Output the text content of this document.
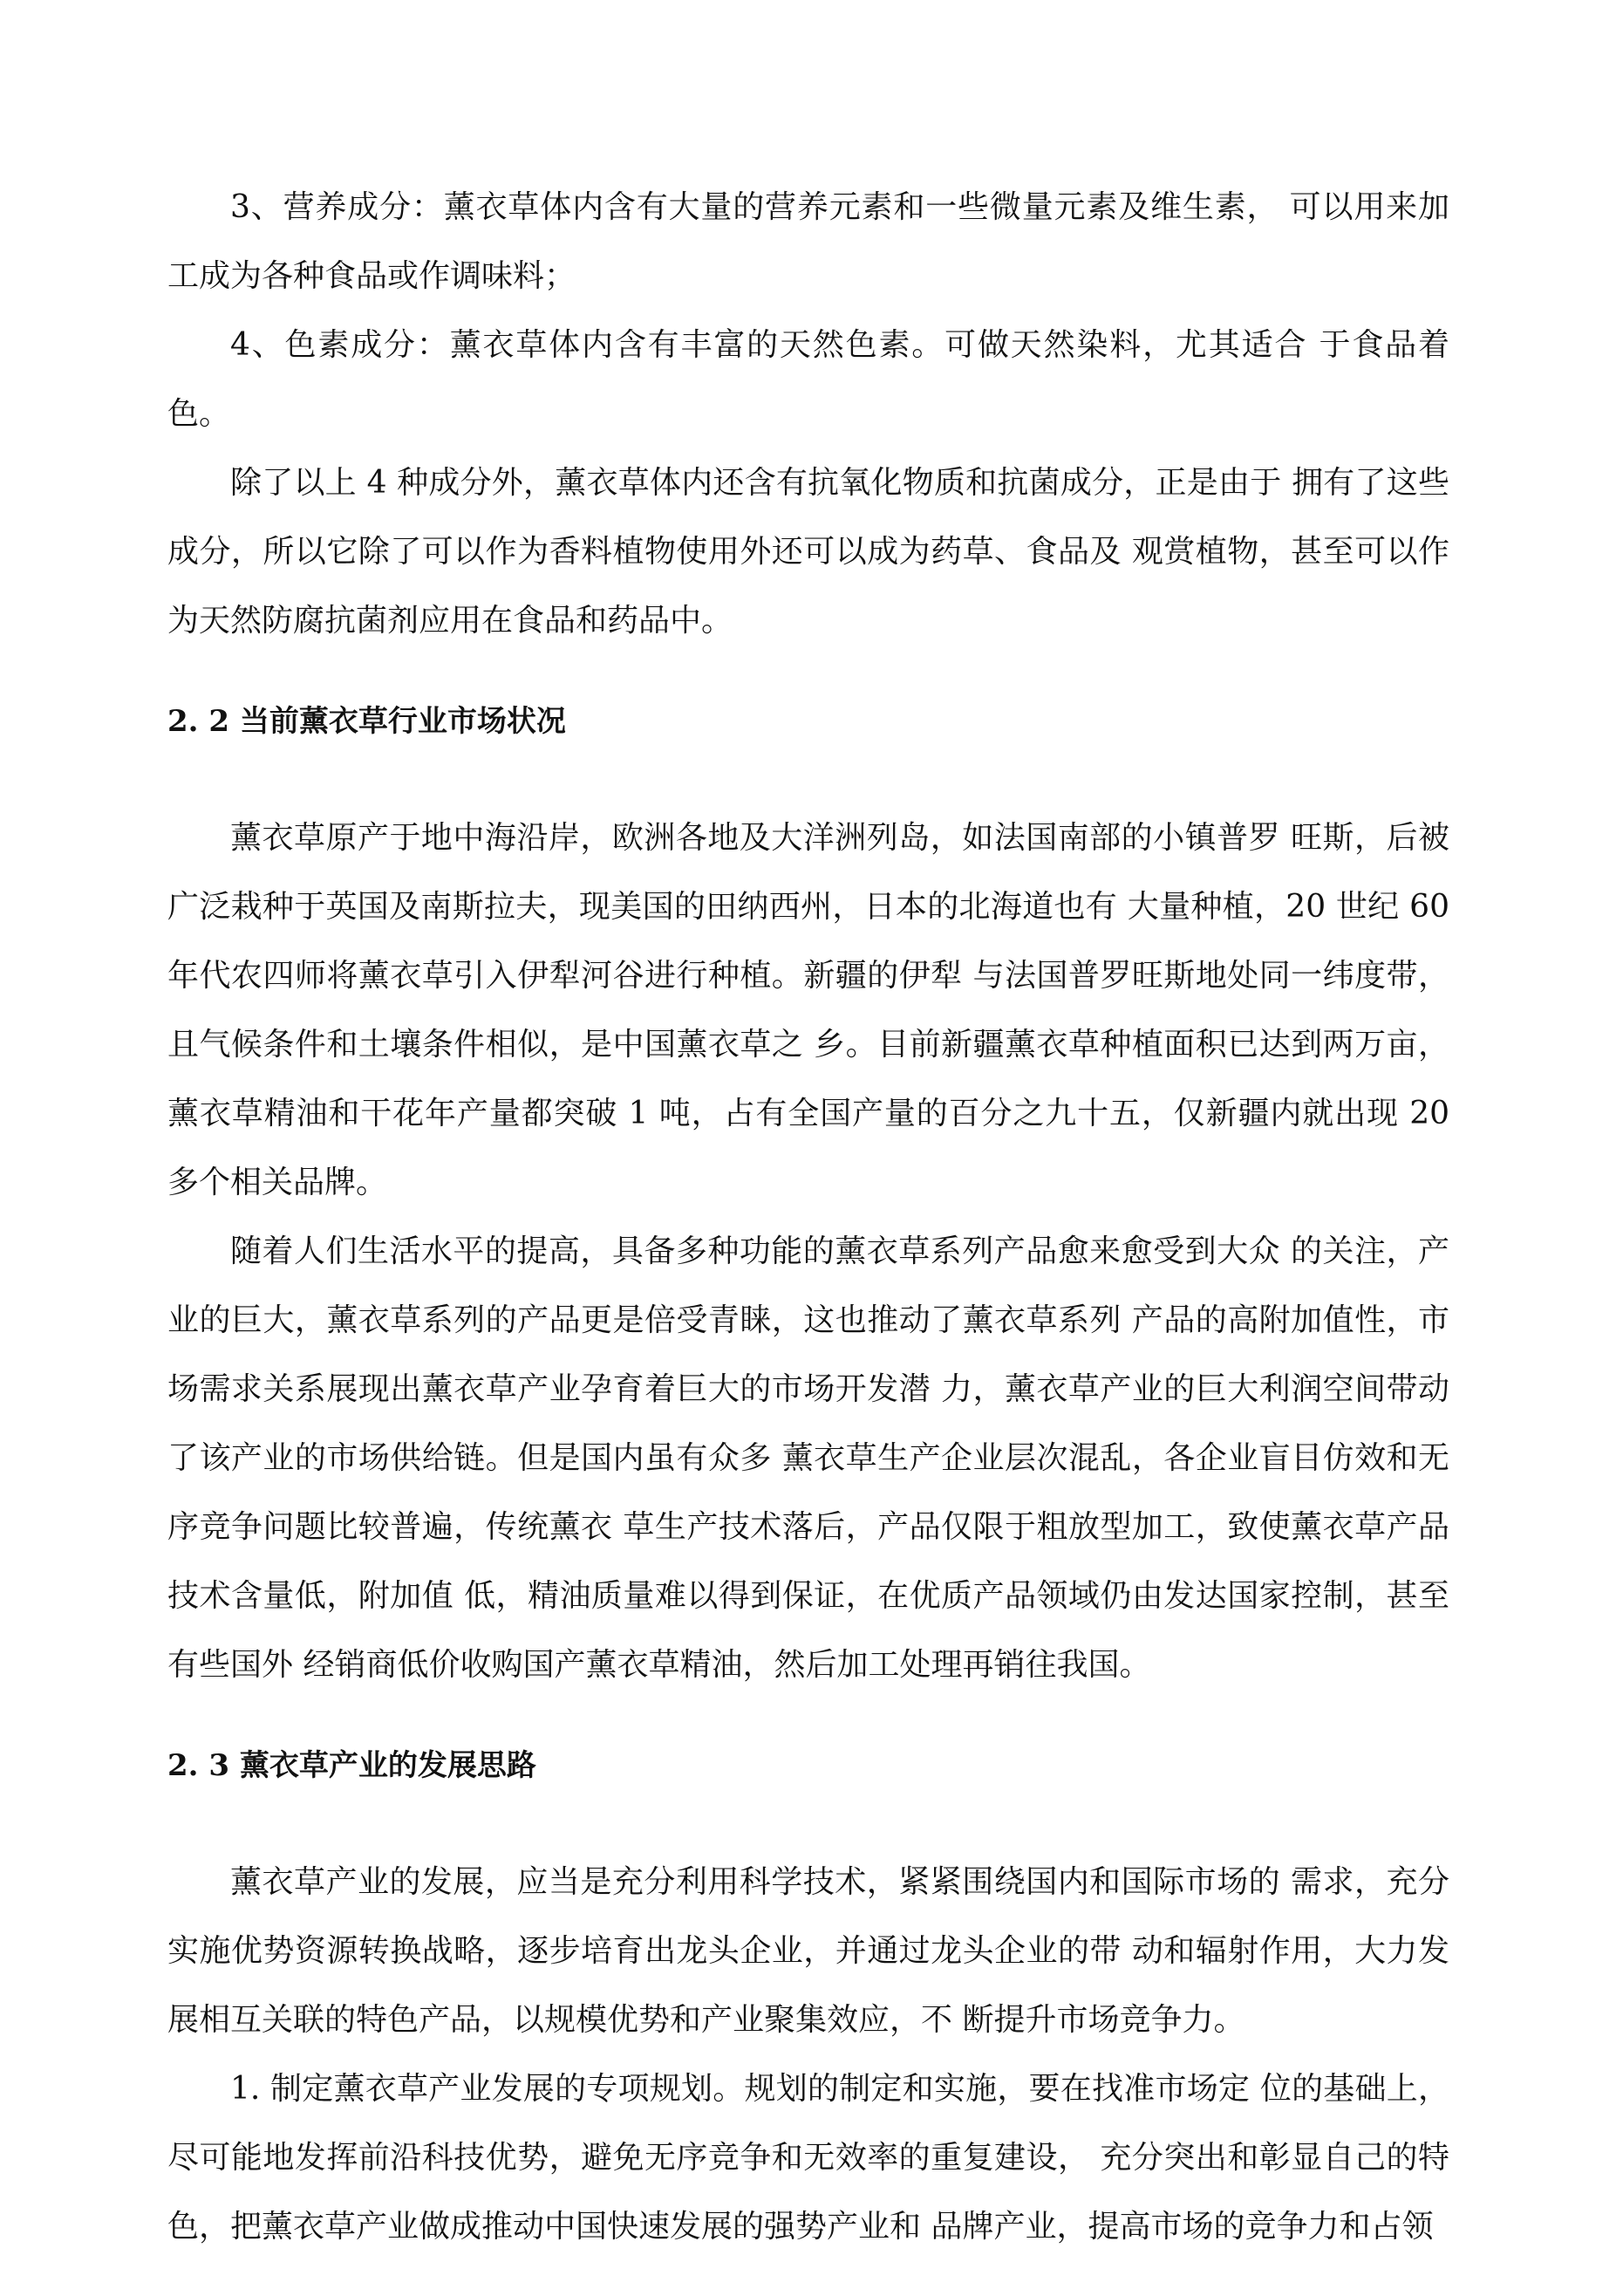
3、营养成分：薰衣草体内含有大量的营养元素和一些微量元素及维生素， 可以用来加工成为各种食品或作调味料；

4、色素成分：薰衣草体内含有丰富的天然色素。可做天然染料，尤其适合 于食品着色。

除了以上 4 种成分外，薰衣草体内还含有抗氧化物质和抗菌成分，正是由于 拥有了这些成分，所以它除了可以作为香料植物使用外还可以成为药草、食品及 观赏植物，甚至可以作为天然防腐抗菌剂应用在食品和药品中。

2. 2 当前薰衣草行业市场状况

薰衣草原产于地中海沿岸，欧洲各地及大洋洲列岛，如法国南部的小镇普罗 旺斯，后被广泛栽种于英国及南斯拉夫，现美国的田纳西州，日本的北海道也有 大量种植，20 世纪 60 年代农四师将薰衣草引入伊犁河谷进行种植。新疆的伊犁 与法国普罗旺斯地处同一纬度带，且气候条件和土壤条件相似，是中国薰衣草之 乡。目前新疆薰衣草种植面积已达到两万亩，薰衣草精油和干花年产量都突破 1 吨，占有全国产量的百分之九十五，仅新疆内就出现 20 多个相关品牌。

随着人们生活水平的提高，具备多种功能的薰衣草系列产品愈来愈受到大众 的关注，产业的巨大，薰衣草系列的产品更是倍受青睐，这也推动了薰衣草系列 产品的高附加值性，市场需求关系展现出薰衣草产业孕育着巨大的市场开发潜 力，薰衣草产业的巨大利润空间带动了该产业的市场供给链。但是国内虽有众多 薰衣草生产企业层次混乱，各企业盲目仿效和无序竞争问题比较普遍，传统薰衣 草生产技术落后，产品仅限于粗放型加工，致使薰衣草产品技术含量低，附加值 低，精油质量难以得到保证，在优质产品领域仍由发达国家控制，甚至有些国外 经销商低价收购国产薰衣草精油，然后加工处理再销往我国。

2. 3 薰衣草产业的发展思路

薰衣草产业的发展，应当是充分利用科学技术，紧紧围绕国内和国际市场的 需求，充分实施优势资源转换战略，逐步培育出龙头企业，并通过龙头企业的带 动和辐射作用，大力发展相互关联的特色产品，以规模优势和产业聚集效应，不 断提升市场竞争力。

1. 制定薰衣草产业发展的专项规划。规划的制定和实施，要在找准市场定 位的基础上，尽可能地发挥前沿科技优势，避免无序竞争和无效率的重复建设， 充分突出和彰显自己的特色，把薰衣草产业做成推动中国快速发展的强势产业和 品牌产业，提高市场的竞争力和占领
